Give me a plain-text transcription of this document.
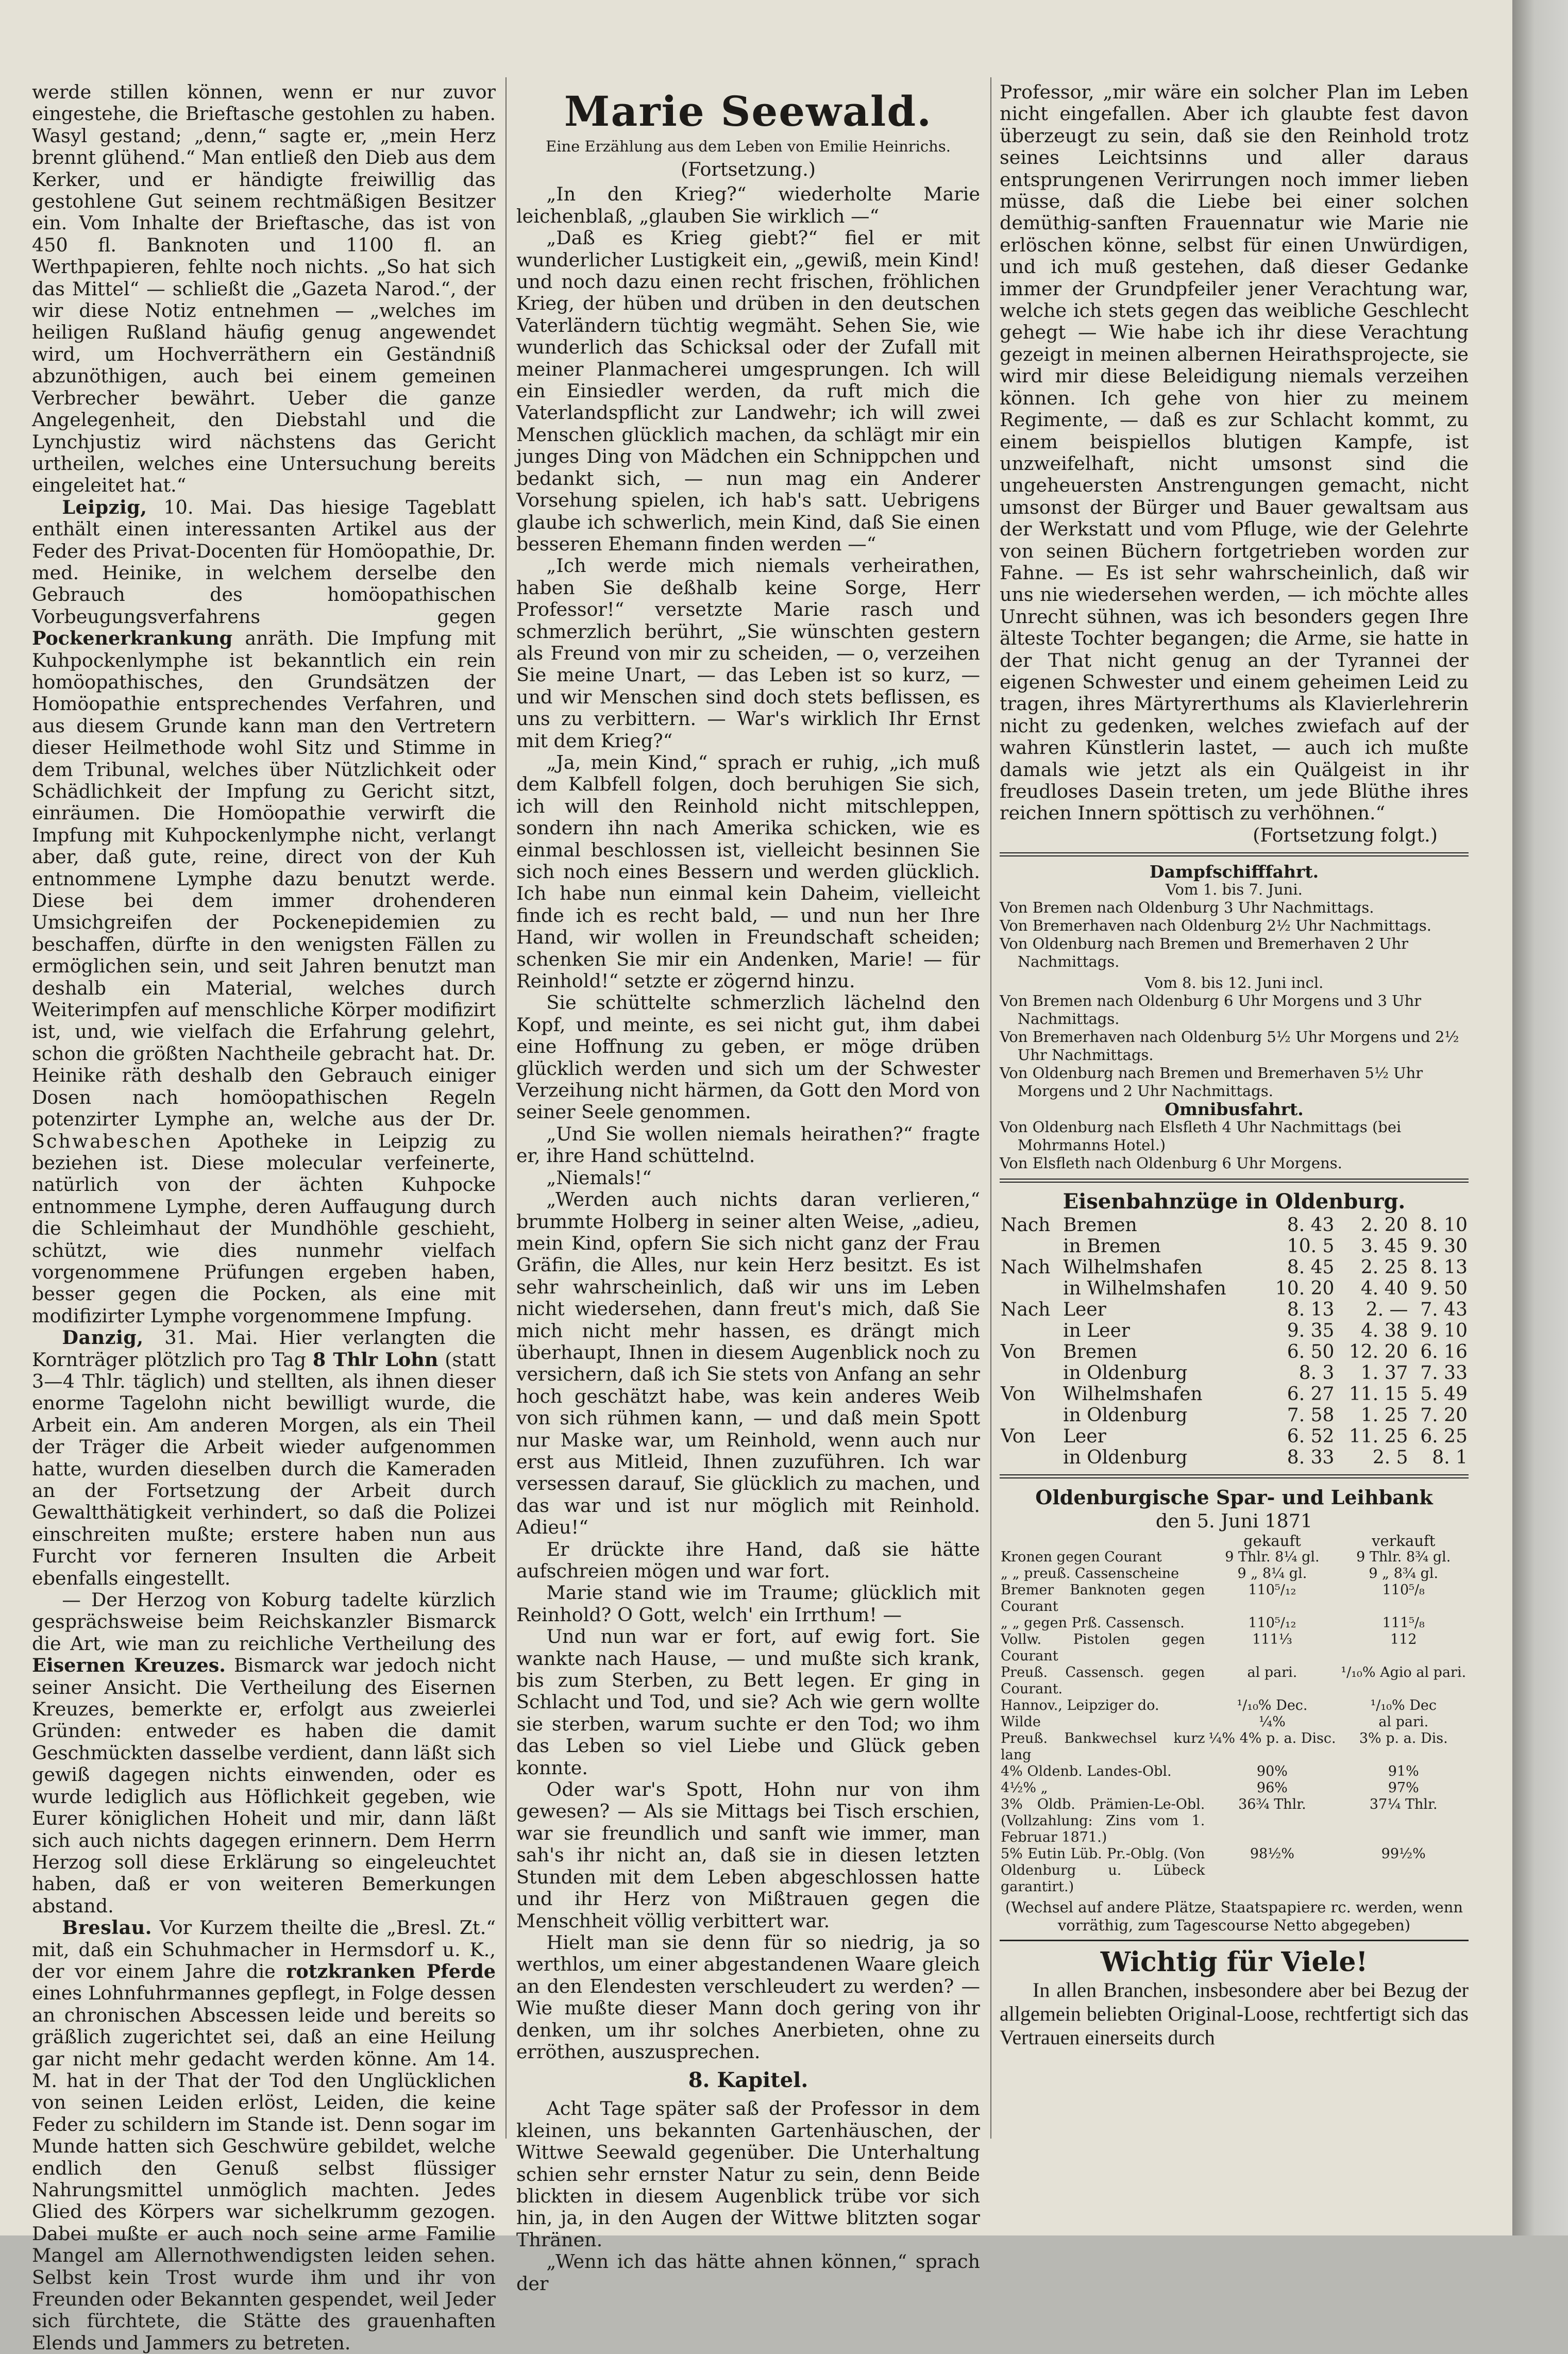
werde stillen können, wenn er nur zuvor eingestehe, die Brieftasche gestohlen zu haben. Wasyl gestand; „denn,“ sagte er, „mein Herz brennt glühend.“ Man entließ den Dieb aus dem Kerker, und er händigte freiwillig das gestohlene Gut seinem rechtmäßigen Besitzer ein. Vom Inhalte der Brieftasche, das ist von 450 fl. Banknoten und 1100 fl. an Werthpapieren, fehlte noch nichts. „So hat sich das Mittel“ — schließt die „Gazeta Narod.“, der wir diese Notiz entnehmen — „welches im heiligen Rußland häufig genug angewendet wird, um Hochverräthern ein Geständniß abzunöthigen, auch bei einem gemeinen Verbrecher bewährt. Ueber die ganze Angelegenheit, den Diebstahl und die Lynchjustiz wird nächstens das Gericht urtheilen, welches eine Untersuchung bereits eingeleitet hat.“

Leipzig, 10. Mai. Das hiesige Tageblatt enthält einen interessanten Artikel aus der Feder des Privat-Docenten für Homöopathie, Dr. med. Heinike, in welchem derselbe den Gebrauch des homöopathischen Vorbeugungsverfahrens gegen Pockenerkrankung anräth. Die Impfung mit Kuhpockenlymphe ist bekanntlich ein rein homöopathisches, den Grundsätzen der Homöopathie entsprechendes Verfahren, und aus diesem Grunde kann man den Vertretern dieser Heilmethode wohl Sitz und Stimme in dem Tribunal, welches über Nützlichkeit oder Schädlichkeit der Impfung zu Gericht sitzt, einräumen. Die Homöopathie verwirft die Impfung mit Kuhpockenlymphe nicht, verlangt aber, daß gute, reine, direct von der Kuh entnommene Lymphe dazu benutzt werde. Diese bei dem immer drohenderen Umsichgreifen der Pockenepidemien zu beschaffen, dürfte in den wenigsten Fällen zu ermöglichen sein, und seit Jahren benutzt man deshalb ein Material, welches durch Weiterimpfen auf menschliche Körper modifizirt ist, und, wie vielfach die Erfahrung gelehrt, schon die größten Nachtheile gebracht hat. Dr. Heinike räth deshalb den Gebrauch einiger Dosen nach homöopathischen Regeln potenzirter Lymphe an, welche aus der Dr. Schwabeschen Apotheke in Leipzig zu beziehen ist. Diese molecular verfeinerte, natürlich von der ächten Kuhpocke entnommene Lymphe, deren Auffaugung durch die Schleimhaut der Mundhöhle geschieht, schützt, wie dies nunmehr vielfach vorgenommene Prüfungen ergeben haben, besser gegen die Pocken, als eine mit modifizirter Lymphe vorgenommene Impfung.

Danzig, 31. Mai. Hier verlangten die Kornträger plötzlich pro Tag 8 Thlr Lohn (statt 3—4 Thlr. täglich) und stellten, als ihnen dieser enorme Tagelohn nicht bewilligt wurde, die Arbeit ein. Am anderen Morgen, als ein Theil der Träger die Arbeit wieder aufgenommen hatte, wurden dieselben durch die Kameraden an der Fortsetzung der Arbeit durch Gewaltthätigkeit verhindert, so daß die Polizei einschreiten mußte; erstere haben nun aus Furcht vor ferneren Insulten die Arbeit ebenfalls eingestellt.

— Der Herzog von Koburg tadelte kürzlich gesprächsweise beim Reichskanzler Bismarck die Art, wie man zu reichliche Vertheilung des Eisernen Kreuzes. Bismarck war jedoch nicht seiner Ansicht. Die Vertheilung des Eisernen Kreuzes, bemerkte er, erfolgt aus zweierlei Gründen: entweder es haben die damit Geschmückten dasselbe verdient, dann läßt sich gewiß dagegen nichts einwenden, oder es wurde lediglich aus Höflichkeit gegeben, wie Eurer königlichen Hoheit und mir, dann läßt sich auch nichts dagegen erinnern. Dem Herrn Herzog soll diese Erklärung so eingeleuchtet haben, daß er von weiteren Bemerkungen abstand.

Breslau. Vor Kurzem theilte die „Bresl. Zt.“ mit, daß ein Schuhmacher in Hermsdorf u. K., der vor einem Jahre die rotzkranken Pferde eines Lohnfuhrmannes gepflegt, in Folge dessen an chronischen Abscessen leide und bereits so gräßlich zugerichtet sei, daß an eine Heilung gar nicht mehr gedacht werden könne. Am 14. M. hat in der That der Tod den Unglücklichen von seinen Leiden erlöst, Leiden, die keine Feder zu schildern im Stande ist. Denn sogar im Munde hatten sich Geschwüre gebildet, welche endlich den Genuß selbst flüssiger Nahrungsmittel unmöglich machten. Jedes Glied des Körpers war sichelkrumm gezogen. Dabei mußte er auch noch seine arme Familie Mangel am Allernothwendigsten leiden sehen. Selbst kein Trost wurde ihm und ihr von Freunden oder Bekannten gespendet, weil Jeder sich fürchtete, die Stätte des grauenhaften Elends und Jammers zu betreten.

Marie Seewald.
Eine Erzählung aus dem Leben von Emilie Heinrichs.
(Fortsetzung.)

„In den Krieg?“ wiederholte Marie leichenblaß, „glauben Sie wirklich —“

„Daß es Krieg giebt?“ fiel er mit wunderlicher Lustigkeit ein, „gewiß, mein Kind! und noch dazu einen recht frischen, fröhlichen Krieg, der hüben und drüben in den deutschen Vaterländern tüchtig wegmäht. Sehen Sie, wie wunderlich das Schicksal oder der Zufall mit meiner Planmacherei umgesprungen. Ich will ein Einsiedler werden, da ruft mich die Vaterlandspflicht zur Landwehr; ich will zwei Menschen glücklich machen, da schlägt mir ein junges Ding von Mädchen ein Schnippchen und bedankt sich, — nun mag ein Anderer Vorsehung spielen, ich hab's satt. Uebrigens glaube ich schwerlich, mein Kind, daß Sie einen besseren Ehemann finden werden —“

„Ich werde mich niemals verheirathen, haben Sie deßhalb keine Sorge, Herr Professor!“ versetzte Marie rasch und schmerzlich berührt, „Sie wünschten gestern als Freund von mir zu scheiden, — o, verzeihen Sie meine Unart, — das Leben ist so kurz, — und wir Menschen sind doch stets beflissen, es uns zu verbittern. — War's wirklich Ihr Ernst mit dem Krieg?“

„Ja, mein Kind,“ sprach er ruhig, „ich muß dem Kalbfell folgen, doch beruhigen Sie sich, ich will den Reinhold nicht mitschleppen, sondern ihn nach Amerika schicken, wie es einmal beschlossen ist, vielleicht besinnen Sie sich noch eines Bessern und werden glücklich. Ich habe nun einmal kein Daheim, vielleicht finde ich es recht bald, — und nun her Ihre Hand, wir wollen in Freundschaft scheiden; schenken Sie mir ein Andenken, Marie! — für Reinhold!“ setzte er zögernd hinzu.

Sie schüttelte schmerzlich lächelnd den Kopf, und meinte, es sei nicht gut, ihm dabei eine Hoffnung zu geben, er möge drüben glücklich werden und sich um der Schwester Verzeihung nicht härmen, da Gott den Mord von seiner Seele genommen.

„Und Sie wollen niemals heirathen?“ fragte er, ihre Hand schüttelnd.

„Niemals!“

„Werden auch nichts daran verlieren,“ brummte Holberg in seiner alten Weise, „adieu, mein Kind, opfern Sie sich nicht ganz der Frau Gräfin, die Alles, nur kein Herz besitzt. Es ist sehr wahrscheinlich, daß wir uns im Leben nicht wiedersehen, dann freut's mich, daß Sie mich nicht mehr hassen, es drängt mich überhaupt, Ihnen in diesem Augenblick noch zu versichern, daß ich Sie stets von Anfang an sehr hoch geschätzt habe, was kein anderes Weib von sich rühmen kann, — und daß mein Spott nur Maske war, um Reinhold, wenn auch nur erst aus Mitleid, Ihnen zuzuführen. Ich war versessen darauf, Sie glücklich zu machen, und das war und ist nur möglich mit Reinhold. Adieu!“

Er drückte ihre Hand, daß sie hätte aufschreien mögen und war fort.

Marie stand wie im Traume; glücklich mit Reinhold? O Gott, welch' ein Irrthum! —

Und nun war er fort, auf ewig fort. Sie wankte nach Hause, — und mußte sich krank, bis zum Sterben, zu Bett legen. Er ging in Schlacht und Tod, und sie? Ach wie gern wollte sie sterben, warum suchte er den Tod; wo ihm das Leben so viel Liebe und Glück geben konnte.

Oder war's Spott, Hohn nur von ihm gewesen? — Als sie Mittags bei Tisch erschien, war sie freundlich und sanft wie immer, man sah's ihr nicht an, daß sie in diesen letzten Stunden mit dem Leben abgeschlossen hatte und ihr Herz von Mißtrauen gegen die Menschheit völlig verbittert war.

Hielt man sie denn für so niedrig, ja so werthlos, um einer abgestandenen Waare gleich an den Elendesten verschleudert zu werden? — Wie mußte dieser Mann doch gering von ihr denken, um ihr solches Anerbieten, ohne zu erröthen, auszusprechen.

8. Kapitel.

Acht Tage später saß der Professor in dem kleinen, uns bekannten Gartenhäuschen, der Wittwe Seewald gegenüber. Die Unterhaltung schien sehr ernster Natur zu sein, denn Beide blickten in diesem Augenblick trübe vor sich hin, ja, in den Augen der Wittwe blitzten sogar Thränen.

„Wenn ich das hätte ahnen können,“ sprach der

Professor, „mir wäre ein solcher Plan im Leben nicht eingefallen. Aber ich glaubte fest davon überzeugt zu sein, daß sie den Reinhold trotz seines Leichtsinns und aller daraus entsprungenen Verirrungen noch immer lieben müsse, daß die Liebe bei einer solchen demüthig-sanften Frauennatur wie Marie nie erlöschen könne, selbst für einen Unwürdigen, und ich muß gestehen, daß dieser Gedanke immer der Grundpfeiler jener Verachtung war, welche ich stets gegen das weibliche Geschlecht gehegt — Wie habe ich ihr diese Verachtung gezeigt in meinen albernen Heirathsprojecte, sie wird mir diese Beleidigung niemals verzeihen können. Ich gehe von hier zu meinem Regimente, — daß es zur Schlacht kommt, zu einem beispiellos blutigen Kampfe, ist unzweifelhaft, nicht umsonst sind die ungeheuersten Anstrengungen gemacht, nicht umsonst der Bürger und Bauer gewaltsam aus der Werkstatt und vom Pfluge, wie der Gelehrte von seinen Büchern fortgetrieben worden zur Fahne. — Es ist sehr wahrscheinlich, daß wir uns nie wiedersehen werden, — ich möchte alles Unrecht sühnen, was ich besonders gegen Ihre älteste Tochter begangen; die Arme, sie hatte in der That nicht genug an der Tyrannei der eigenen Schwester und einem geheimen Leid zu tragen, ihres Märtyrerthums als Klavierlehrerin nicht zu gedenken, welches zwiefach auf der wahren Künstlerin lastet, — auch ich mußte damals wie jetzt als ein Quälgeist in ihr freudloses Dasein treten, um jede Blüthe ihres reichen Innern spöttisch zu verhöhnen.“

(Fortsetzung folgt.)
Dampfschifffahrt.
Vom 1. bis 7. Juni.

Von Bremen nach Oldenburg 3 Uhr Nachmittags.

Von Bremerhaven nach Oldenburg 2½ Uhr Nachmittags.

Von Oldenburg nach Bremen und Bremerhaven 2 Uhr Nachmittags.

Vom 8. bis 12. Juni incl.

Von Bremen nach Oldenburg 6 Uhr Morgens und 3 Uhr Nachmittags.

Von Bremerhaven nach Oldenburg 5½ Uhr Morgens und 2½ Uhr Nachmittags.

Von Oldenburg nach Bremen und Bremerhaven 5½ Uhr Morgens und 2 Uhr Nachmittags.

Omnibusfahrt.

Von Oldenburg nach Elsfleth 4 Uhr Nachmittags (bei Mohrmanns Hotel.)

Von Elsfleth nach Oldenburg 6 Uhr Morgens.

Eisenbahnzüge in Oldenburg.
Nach	Bremen	8. 43	2. 20	8. 10
	in Bremen	10. 5	3. 45	9. 30
Nach	Wilhelmshafen	8. 45	2. 25	8. 13
	in Wilhelmshafen	10. 20	4. 40	9. 50
Nach	Leer	8. 13	2. —	7. 43
	in Leer	9. 35	4. 38	9. 10
Von	Bremen	6. 50	12. 20	6. 16
	in Oldenburg	8. 3	1. 37	7. 33
Von	Wilhelmshafen	6. 27	11. 15	5. 49
	in Oldenburg	7. 58	1. 25	7. 20
Von	Leer	6. 52	11. 25	6. 25
	in Oldenburg	8. 33	2. 5	8. 1
Oldenburgische Spar- und Leihbank
den 5. Juni 1871
	gekauft	verkauft
Kronen gegen Courant	9 Thlr. 8¼ gl.	9 Thlr. 8¾ gl.
„ „ preuß. Cassenscheine	9 „ 8¼ gl.	9 „ 8¾ gl.
Bremer Banknoten gegen Courant	110⁵/₁₂	110⁵/₈
„ „ gegen Prß. Cassensch.	110⁵/₁₂	111⁵/₈
Vollw. Pistolen gegen Courant	111⅓	112
Preuß. Cassensch. gegen Courant.	al pari.	¹/₁₀% Agio al pari.
Hannov., Leipziger do.	¹/₁₀% Dec.	¹/₁₀% Dec
Wilde	¼%	al pari.
Preuß. Bankwechsel kurz lang	¼% 4% p. a. Disc.	3% p. a. Dis.
4% Oldenb. Landes-Obl.	90%	91%
4½% „	96%	97%
3% Oldb. Prämien-Le-Obl. (Vollzahlung: Zins vom 1. Februar 1871.)	36¾ Thlr.	37¼ Thlr.
5% Eutin Lüb. Pr.-Oblg. (Von Oldenburg u. Lübeck garantirt.)	98½%	99½%
(Wechsel auf andere Plätze, Staatspapiere rc. werden, wenn vorräthig, zum Tagescourse Netto abgegeben)
Wichtig für Viele!

In allen Branchen, insbesondere aber bei Bezug der allgemein beliebten Original-Loose, rechtfertigt sich das Vertrauen einerseits durch
